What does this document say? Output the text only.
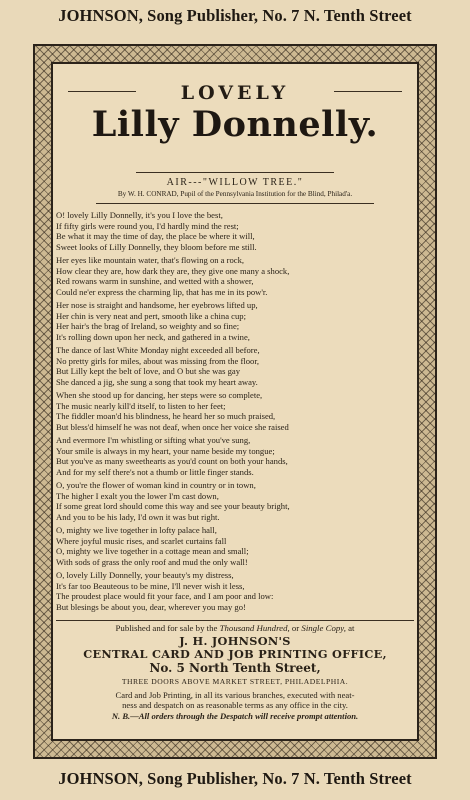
JOHNSON, Song Publisher, No. 7 N. Tenth Street
LOVELY
Lilly Donnelly.
AIR---"WILLOW TREE."
By W. H. CONRAD, Pupil of the Pennsylvania Institution for the Blind, Philad'a.
O! lovely Lilly Donnelly, it's you I love the best,
If fifty girls were round you, I'd hardly mind the rest;
Be what it may the time of day, the place be where it will,
Sweet looks of Lilly Donnelly, they bloom before me still.
Her eyes like mountain water, that's flowing on a rock,
How clear they are, how dark they are, they give one many a shock,
Red rowans warm in sunshine, and wetted with a shower,
Could ne'er express the charming lip, that has me in its pow'r.
Her nose is straight and handsome, her eyebrows lifted up,
Her chin is very neat and pert, smooth like a china cup;
Her hair's the brag of Ireland, so weighty and so fine;
It's rolling down upon her neck, and gathered in a twine,
The dance of last White Monday night exceeded all before,
No pretty girls for miles, about was missing from the floor,
But Lilly kept the belt of love, and O but she was gay
She danced a jig, she sung a song that took my heart away.
When she stood up for dancing, her steps were so complete,
The music nearly kill'd itself, to listen to her feet;
The fiddler moan'd his blindness, he heard her so much praised,
But bless'd himself he was not deaf, when once her voice she raised
And evermore I'm whistling or sifting what you've sung,
Your smile is always in my heart, your name beside my tongue;
But you've as many sweethearts as you'd count on both your hands,
And for my self there's not a thumb or little finger stands.
O, you're the flower of woman kind in country or in town,
The higher I exalt you the lower I'm cast down,
If some great lord should come this way and see your beauty bright,
And you to be his lady, I'd own it was but right.
O, mighty we live together in lofty palace hall,
Where joyful music rises, and scarlet curtains fall
O, mighty we live together in a cottage mean and small;
With sods of grass the only roof and mud the only wall!
O, lovely Lilly Donnelly, your beauty's my distress,
It's far too Beauteous to be mine, I'll never wish it less,
The proudest place would fit your face, and I am poor and low:
But blesings be about you, dear, wherever you may go!
Published and for sale by the Thousand Hundred, or Single Copy, at
J. H. JOHNSON'S
CENTRAL CARD AND JOB PRINTING OFFICE,
No. 5 North Tenth Street,
THREE DOORS ABOVE MARKET STREET, PHILADELPHIA.
Card and Job Printing, in all its various branches, executed with neat-
ness and despatch on as reasonable terms as any office in the city.
N. B.—All orders through the Despatch will receive prompt attention.
JOHNSON, Song Publisher, No. 7 N. Tenth Street
